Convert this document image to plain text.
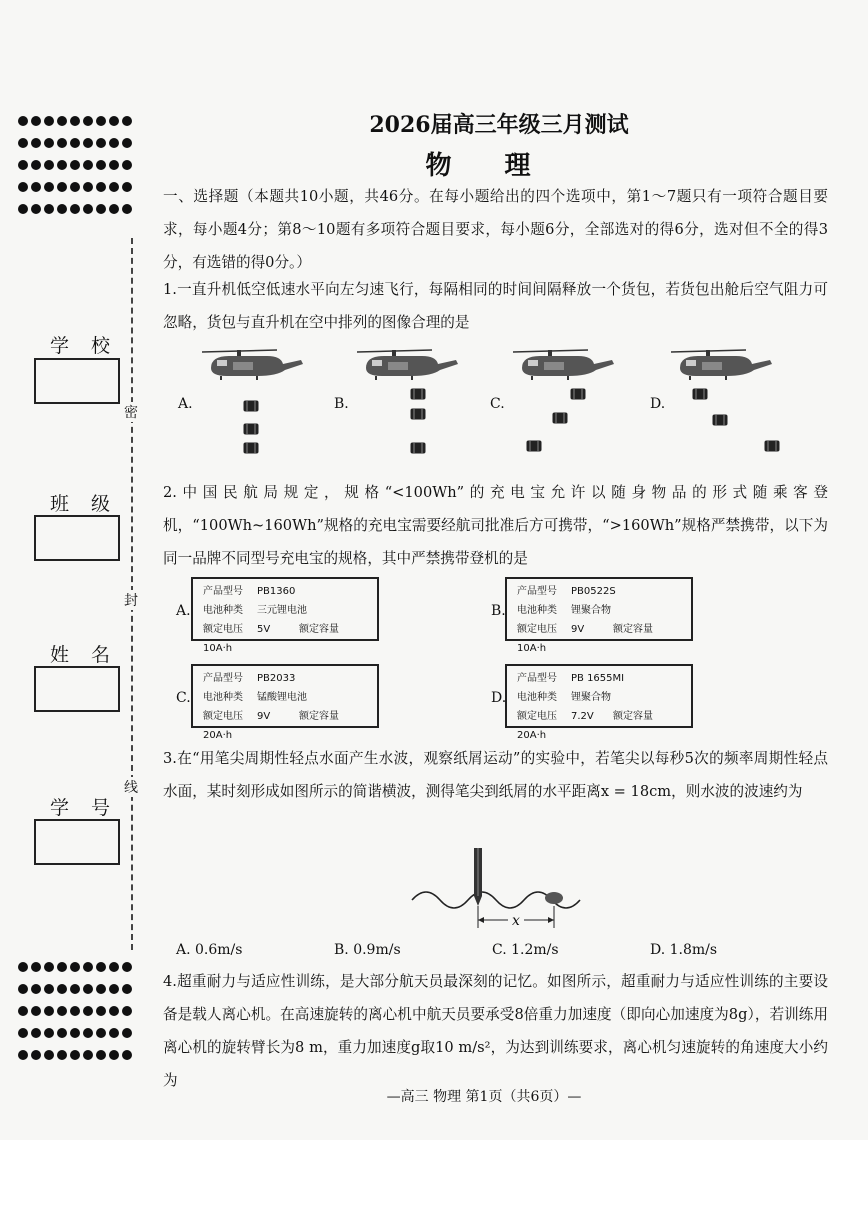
密
封
线
学校
班级
姓名
学号
2026届高三年级三月测试
物 理
一、选择题（本题共10小题，共46分。在每小题给出的四个选项中，第1～7题只有一项符合题目要求，每小题4分；第8～10题有多项符合题目要求，每小题6分，全部选对的得6分，选对但不全的得3分，有选错的得0分。）
1.一直升机低空低速水平向左匀速飞行，每隔相同的时间间隔释放一个货包，若货包出舱后空气阻力可忽略，货包与直升机在空中排列的图像合理的是
A.	B.	C.	D.
2.中国民航局规定，规格“<100Wh”的充电宝允许以随身物品的形式随乘客登机，“100Wh~160Wh”规格的充电宝需要经航司批准后方可携带，“>160Wh”规格严禁携带，以下为同一品牌不同型号充电宝的规格，其中严禁携带登机的是
A.
产品型号 PB1360
电池种类 三元锂电池
额定电压 5V	额定容量10A·h
B.
产品型号 PB0522S
电池种类 锂聚合物
额定电压 9V	额定容量10A·h
C.
产品型号 PB2033
电池种类 锰酸锂电池
额定电压 9V	额定容量20A·h
D.
产品型号 PB 1655MI
电池种类 锂聚合物
额定电压 7.2V 额定容量20A·h
3.在“用笔尖周期性轻点水面产生水波，观察纸屑运动”的实验中，若笔尖以每秒5次的频率周期性轻点水面，某时刻形成如图所示的简谐横波，测得笔尖到纸屑的水平距离x = 18cm，则水波的波速约为
x
A. 0.6m/s	B. 0.9m/s	C. 1.2m/s	D. 1.8m/s
4.超重耐力与适应性训练，是大部分航天员最深刻的记忆。如图所示，超重耐力与适应性训练的主要设备是载人离心机。在高速旋转的离心机中航天员要承受8倍重力加速度（即向心加速度为8g），若训练用离心机的旋转臂长为8 m，重力加速度g取10 m/s²，为达到训练要求，离心机匀速旋转的角速度大小约为
—高三 物理 第1页（共6页）—
